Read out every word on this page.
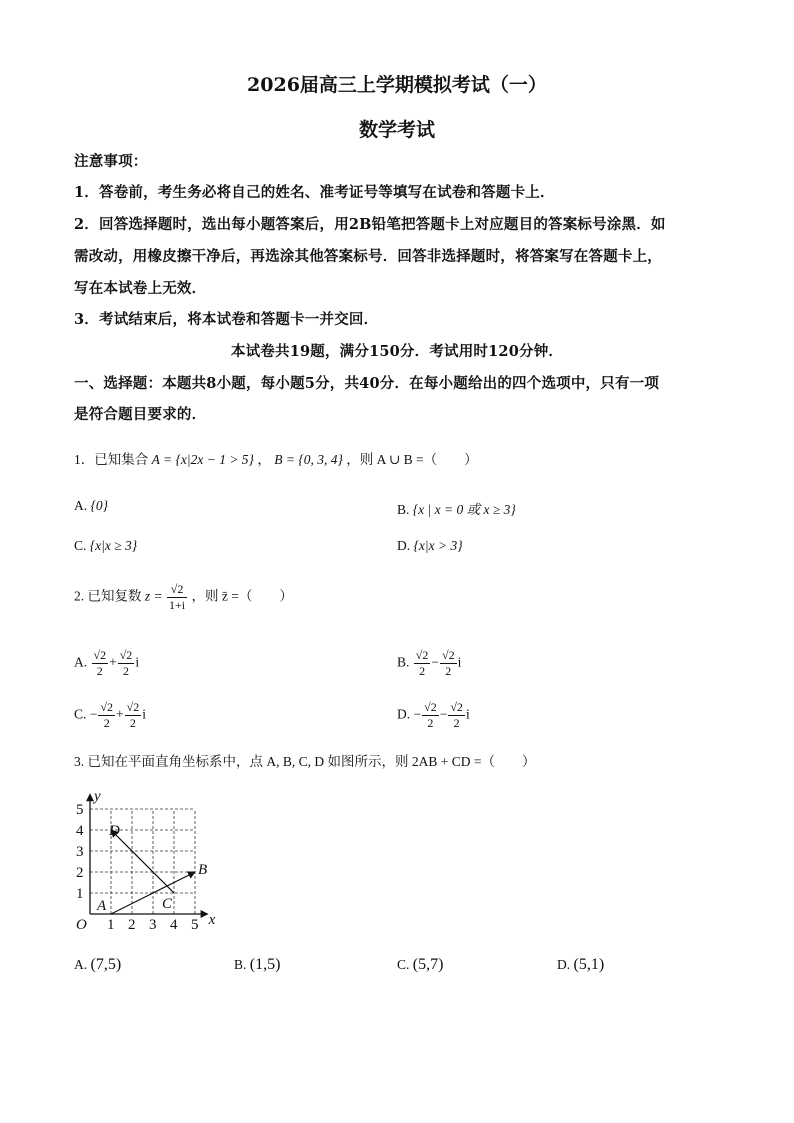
2026届高三上学期模拟考试（一）
数学考试
注意事项：
1．答卷前，考生务必将自己的姓名、准考证号等填写在试卷和答题卡上．
2．回答选择题时，选出每小题答案后，用2B铅笔把答题卡上对应题目的答案标号涂黑．如
需改动，用橡皮擦干净后，再选涂其他答案标号．回答非选择题时，将答案写在答题卡上，
写在本试卷上无效．
3．考试结束后，将本试卷和答题卡一并交回．
本试卷共19题，满分150分．考试用时120分钟．
一、选择题：本题共8小题，每小题5分，共40分．在每小题给出的四个选项中，只有一项
是符合题目要求的．
1．已知集合 A = {x|2x − 1 > 5} ， B = {0, 3, 4} ，则 A ∪ B =（　　）
A. {0}	B. {x | x = 0 或 x ≥ 3}
C. {x|x ≥ 3}	D. {x|x > 3}
2. 已知复数 $z = \frac{√2}{1+i}$ ，则 z̄ =（　　）
A. $\frac{√2}{2} + \frac{√2}{2}$ i	B. $\frac{√2}{2} - \frac{√2}{2}$ i
C. − $\frac{√2}{2} + \frac{√2}{2}$ i	D. − $\frac{√2}{2} - \frac{√2}{2}$ i
3. 已知在平面直角坐标系中，点 A, B, C, D 如图所示，则 2AB + CD =（　　）
1 2 3 4 5
1
2
3
4
5
O	x
y
A
B
C
D
A. (7,5)	B. (1,5)	C. (5,7)	D. (5,1)
